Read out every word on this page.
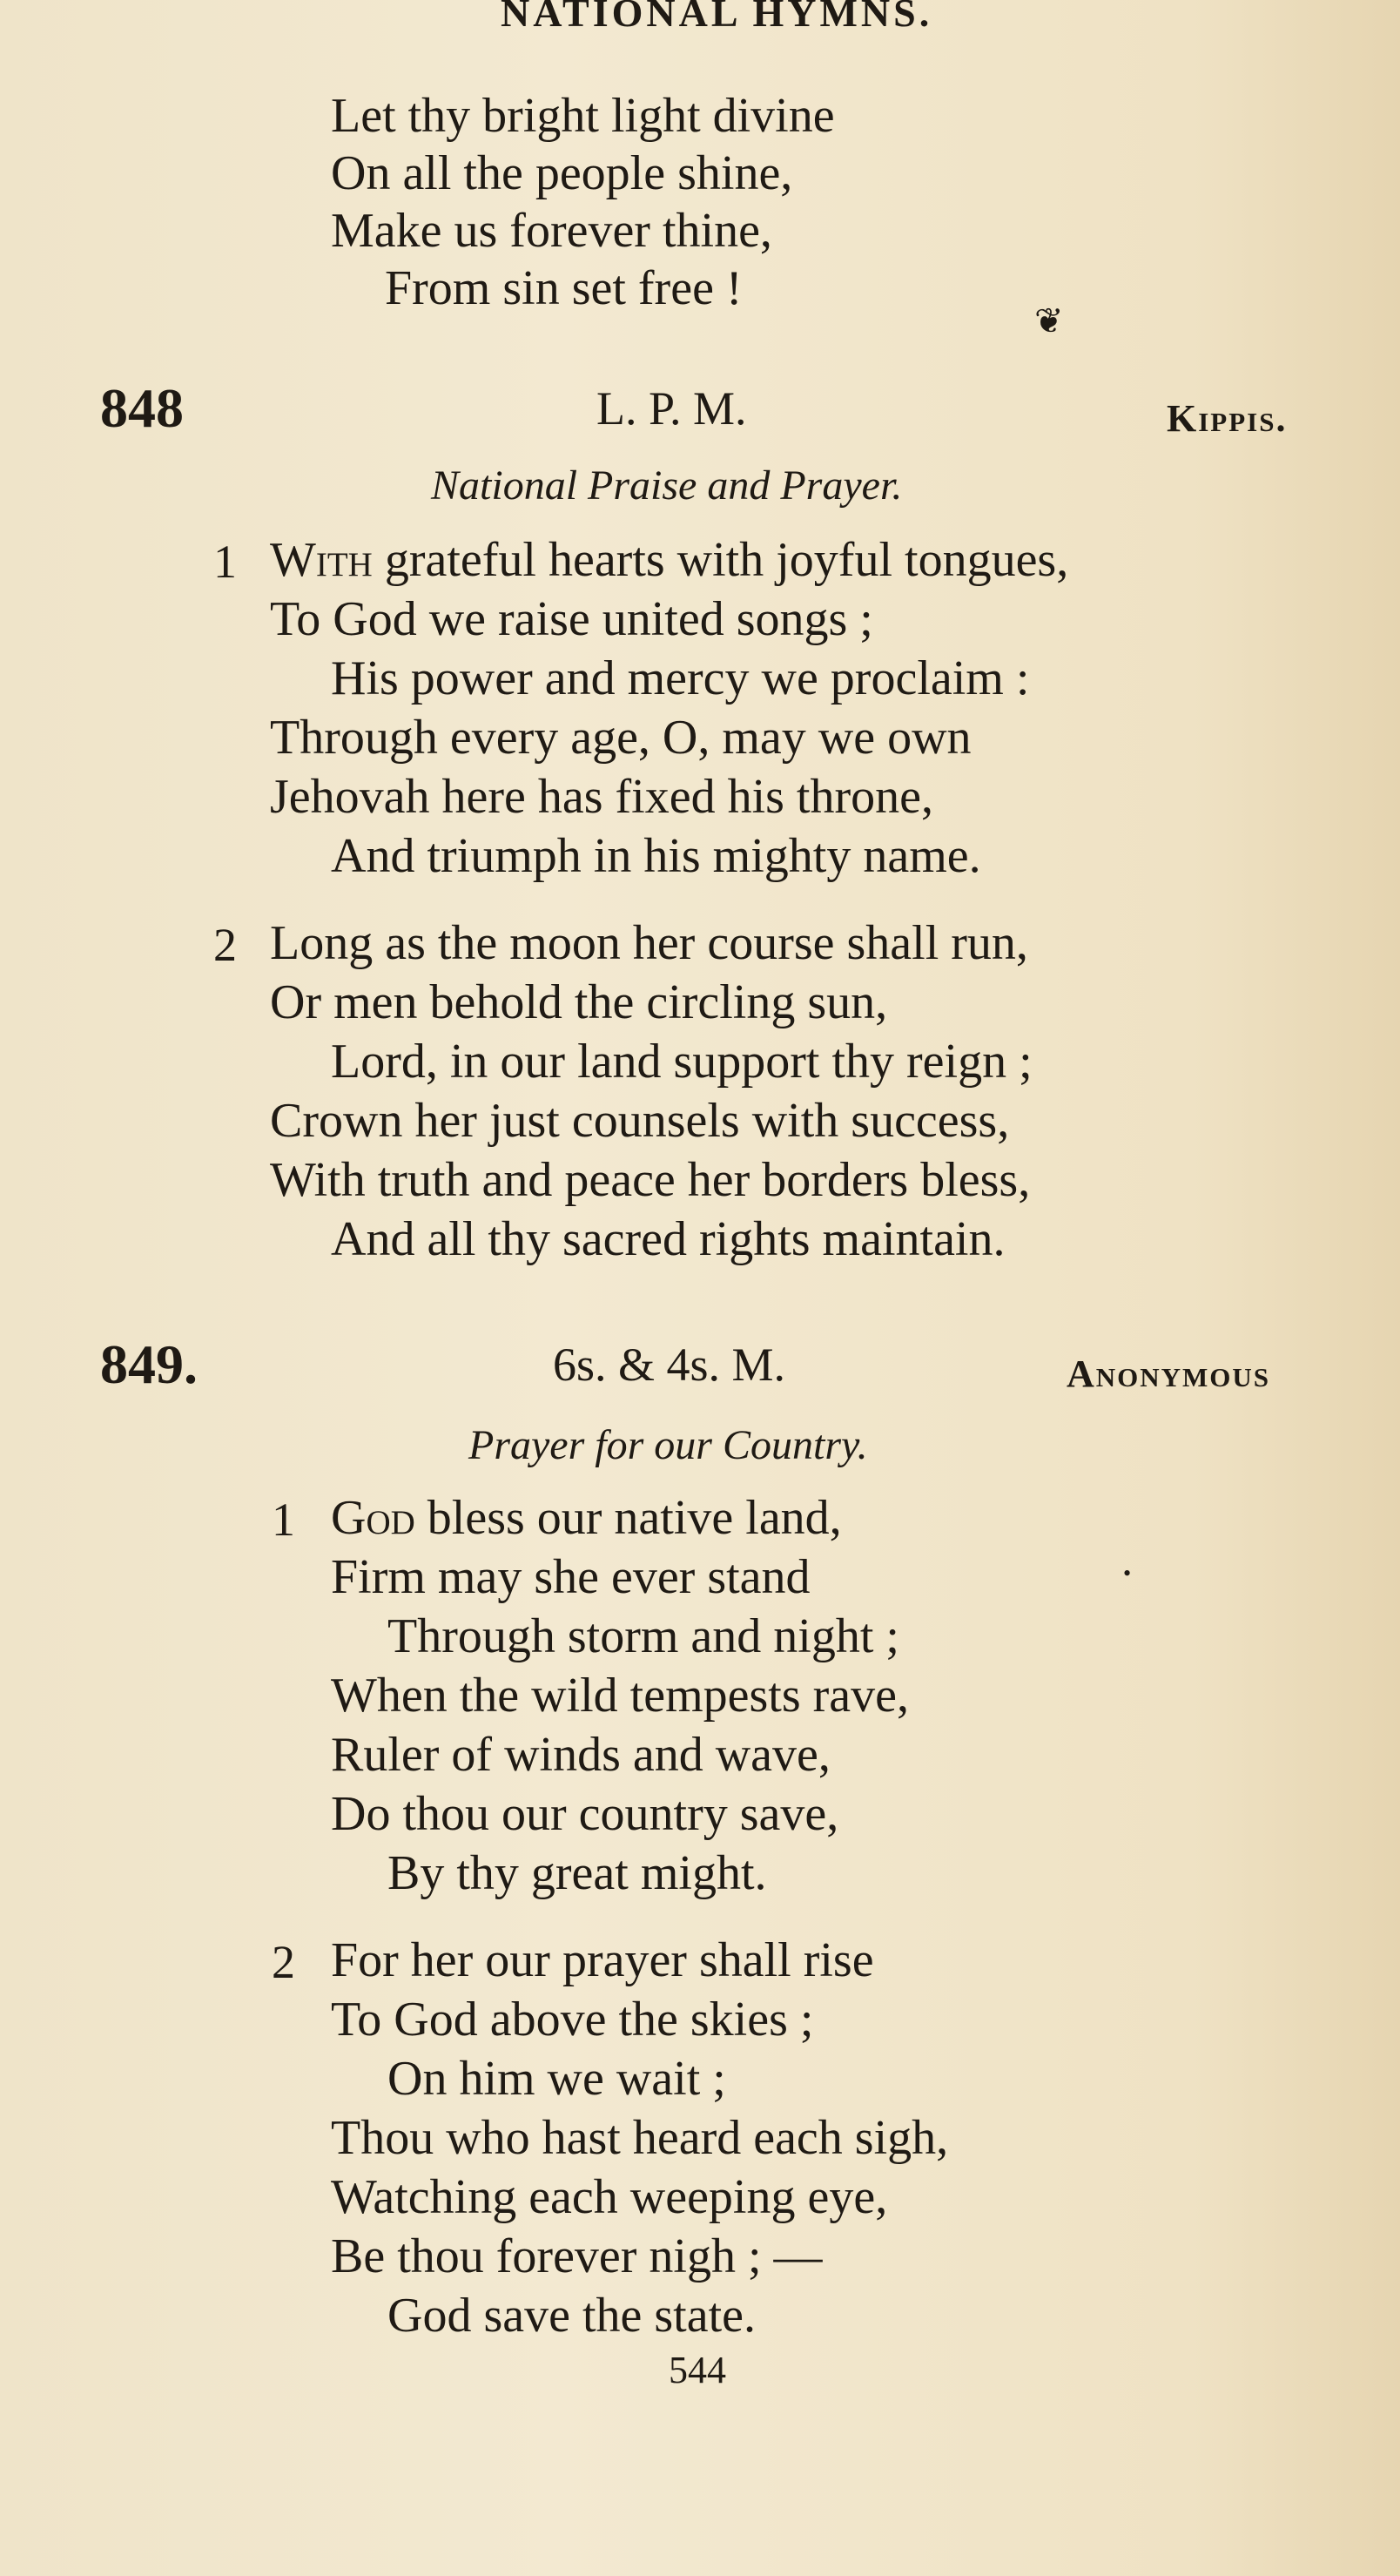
NATIONAL HYMNS.
Let thy bright light divine
On all the people shine,
Make us forever thine,
From sin set free !
❦
848	L. P. M.	Kippis.
National Praise and Prayer.
1 With grateful hearts with joyful tongues,
To God we raise united songs ;
His power and mercy we proclaim :
Through every age, O, may we own
Jehovah here has fixed his throne,
And triumph in his mighty name.
2 Long as the moon her course shall run,
Or men behold the circling sun,
Lord, in our land support thy reign ;
Crown her just counsels with success,
With truth and peace her borders bless,
And all thy sacred rights maintain.
849.	6s. & 4s. M.	Anonymous
Prayer for our Country.
1 God bless our native land,
Firm may she ever stand	•
Through storm and night ;
When the wild tempests rave,
Ruler of winds and wave,
Do thou our country save,
By thy great might.
2 For her our prayer shall rise
To God above the skies ;
On him we wait ;
Thou who hast heard each sigh,
Watching each weeping eye,
Be thou forever nigh ; —
God save the state.
544
